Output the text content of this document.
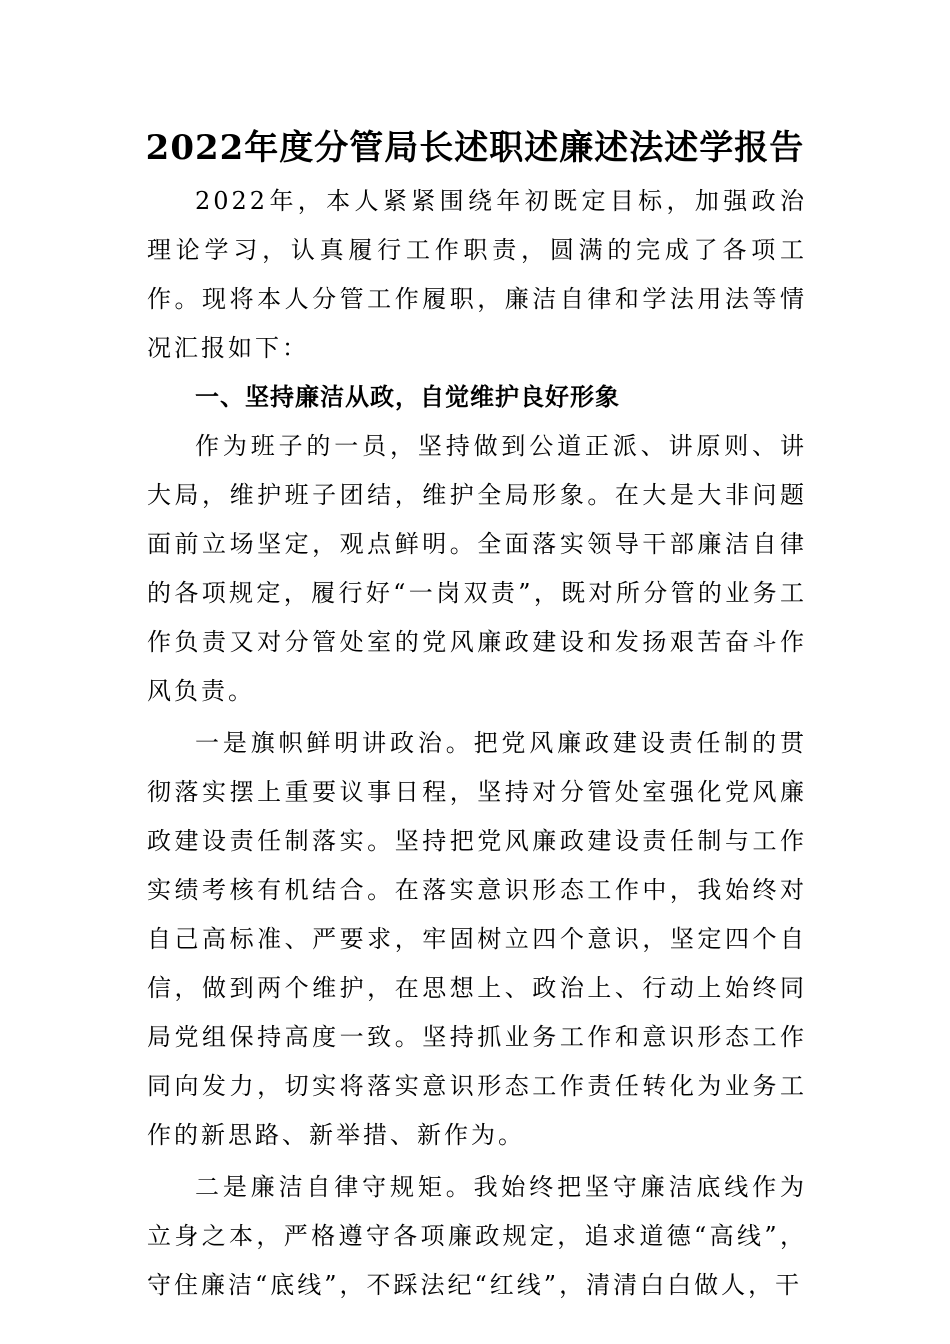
2022年度分管局长述职述廉述法述学报告

2022年，本人紧紧围绕年初既定目标，加强政治理论学习，认真履行工作职责，圆满的完成了各项工作。现将本人分管工作履职，廉洁自律和学法用法等情况汇报如下：

一、坚持廉洁从政，自觉维护良好形象

作为班子的一员，坚持做到公道正派、讲原则、讲大局，维护班子团结，维护全局形象。在大是大非问题面前立场坚定，观点鲜明。全面落实领导干部廉洁自律的各项规定，履行好“一岗双责”，既对所分管的业务工作负责又对分管处室的党风廉政建设和发扬艰苦奋斗作风负责。

一是旗帜鲜明讲政治。把党风廉政建设责任制的贯彻落实摆上重要议事日程，坚持对分管处室强化党风廉政建设责任制落实。坚持把党风廉政建设责任制与工作实绩考核有机结合。在落实意识形态工作中，我始终对自己高标准、严要求，牢固树立四个意识，坚定四个自信，做到两个维护，在思想上、政治上、行动上始终同局党组保持高度一致。坚持抓业务工作和意识形态工作同向发力，切实将落实意识形态工作责任转化为业务工作的新思路、新举措、新作为。

二是廉洁自律守规矩。我始终把坚守廉洁底线作为立身之本，严格遵守各项廉政规定，追求道德“高线”，守住廉洁“底线”，不踩法纪“红线”，清清白白做人，干
